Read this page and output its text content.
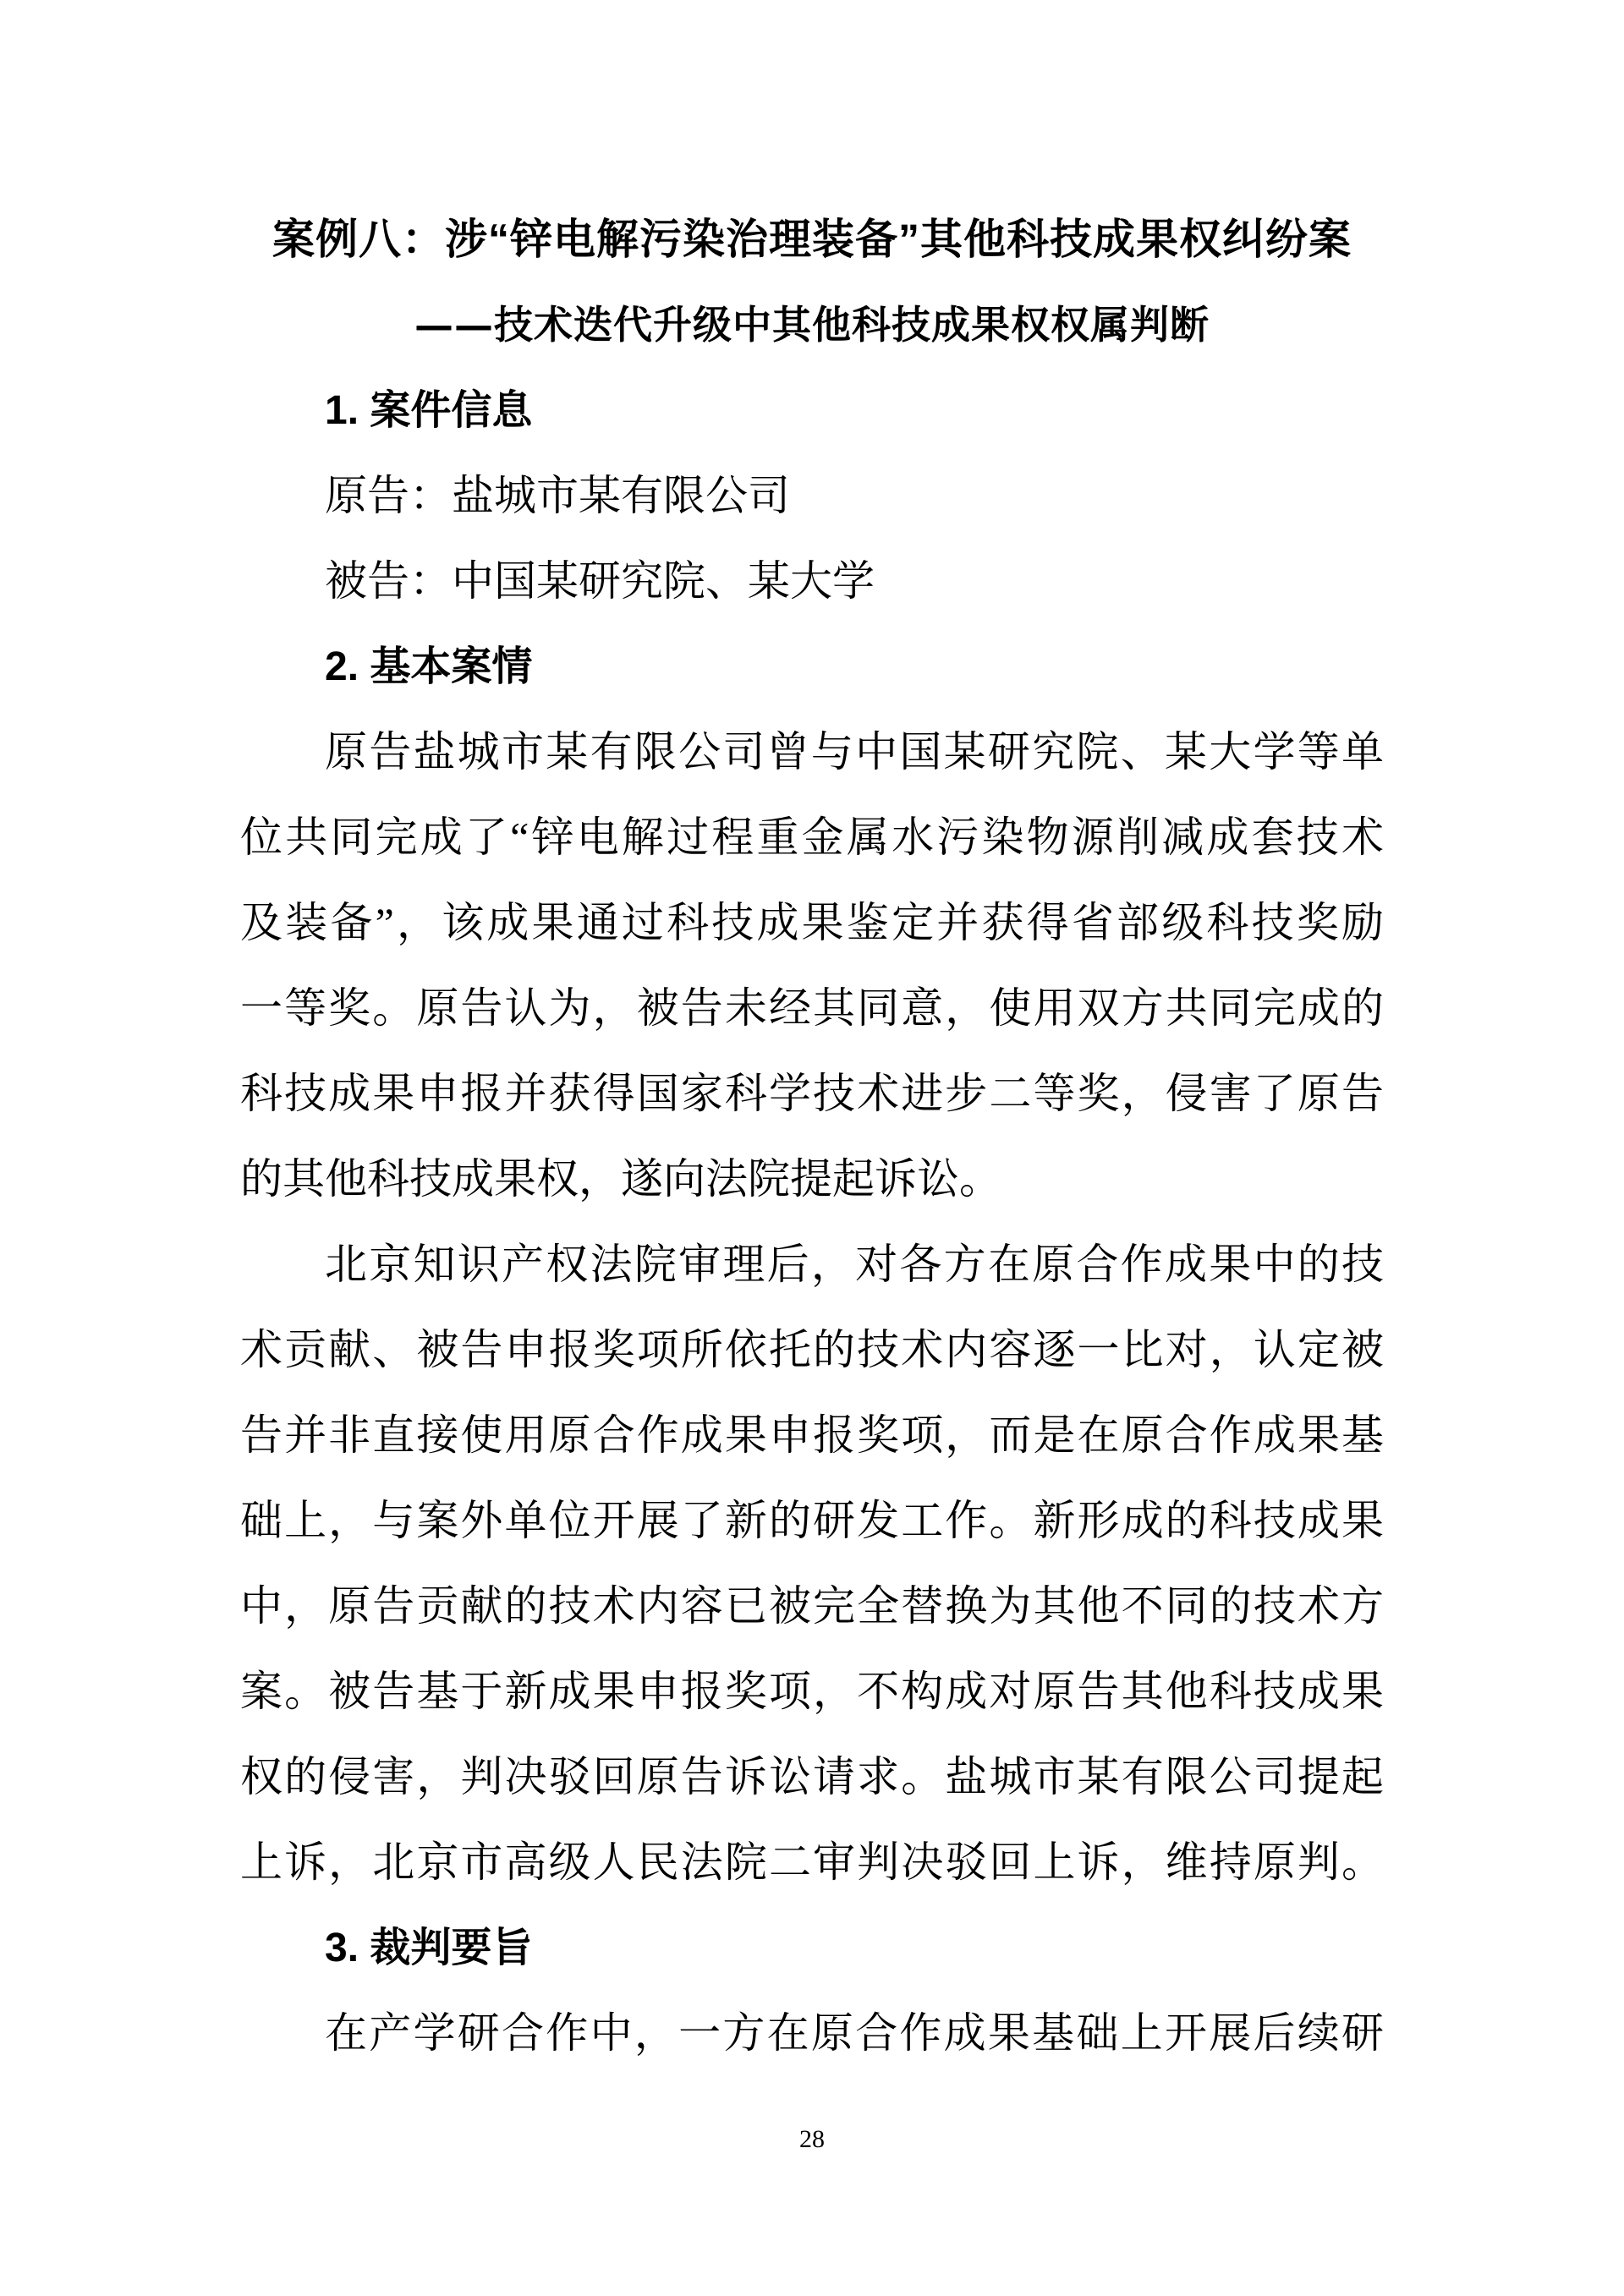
案例八：涉“锌电解污染治理装备”其他科技成果权纠纷案
——技术迭代升级中其他科技成果权权属判断
1. 案件信息
原告：盐城市某有限公司
被告：中国某研究院、某大学
2. 基本案情
原告盐城市某有限公司曾与中国某研究院、某大学等单
位共同完成了“锌电解过程重金属水污染物源削减成套技术
及装备”，该成果通过科技成果鉴定并获得省部级科技奖励
一等奖。原告认为，被告未经其同意，使用双方共同完成的
科技成果申报并获得国家科学技术进步二等奖，侵害了原告
的其他科技成果权，遂向法院提起诉讼。
北京知识产权法院审理后，对各方在原合作成果中的技
术贡献、被告申报奖项所依托的技术内容逐一比对，认定被
告并非直接使用原合作成果申报奖项，而是在原合作成果基
础上，与案外单位开展了新的研发工作。新形成的科技成果
中，原告贡献的技术内容已被完全替换为其他不同的技术方
案。被告基于新成果申报奖项，不构成对原告其他科技成果
权的侵害，判决驳回原告诉讼请求。盐城市某有限公司提起
上诉，北京市高级人民法院二审判决驳回上诉，维持原判。
3. 裁判要旨
在产学研合作中，一方在原合作成果基础上开展后续研
28
